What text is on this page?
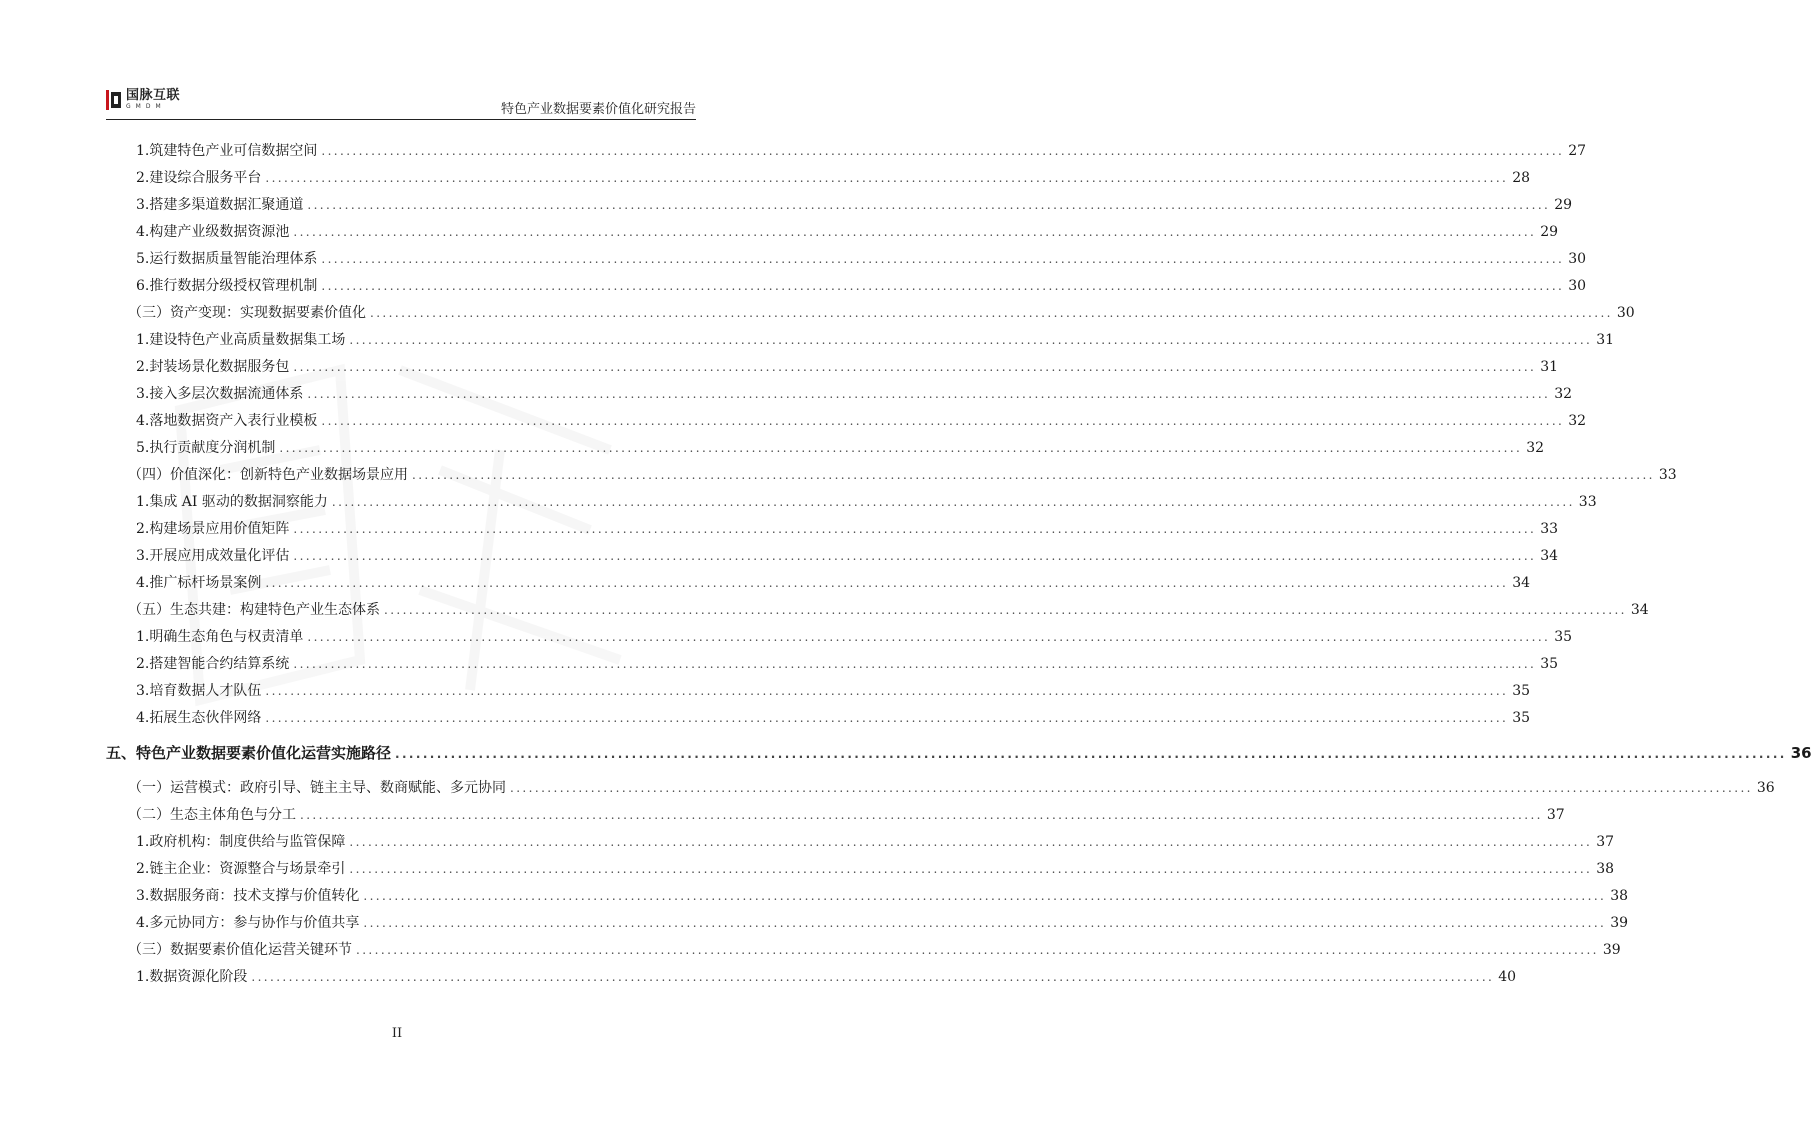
国脉互联
GMDM	特色产业数据要素价值化研究报告
1.筑建特色产业可信数据空间 ........................................................................................................................................................................................................ 27
2.建设综合服务平台 ........................................................................................................................................................................................................ 28
3.搭建多渠道数据汇聚通道 ........................................................................................................................................................................................................ 29
4.构建产业级数据资源池 ........................................................................................................................................................................................................ 29
5.运行数据质量智能治理体系 ........................................................................................................................................................................................................ 30
6.推行数据分级授权管理机制 ........................................................................................................................................................................................................ 30
（三）资产变现：实现数据要素价值化 ........................................................................................................................................................................................................ 30
1.建设特色产业高质量数据集工场 ........................................................................................................................................................................................................ 31
2.封装场景化数据服务包 ........................................................................................................................................................................................................ 31
3.接入多层次数据流通体系 ........................................................................................................................................................................................................ 32
4.落地数据资产入表行业模板 ........................................................................................................................................................................................................ 32
5.执行贡献度分润机制 ........................................................................................................................................................................................................ 32
（四）价值深化：创新特色产业数据场景应用 ........................................................................................................................................................................................................ 33
1.集成 AI 驱动的数据洞察能力 ........................................................................................................................................................................................................ 33
2.构建场景应用价值矩阵 ........................................................................................................................................................................................................ 33
3.开展应用成效量化评估 ........................................................................................................................................................................................................ 34
4.推广标杆场景案例 ........................................................................................................................................................................................................ 34
（五）生态共建：构建特色产业生态体系 ........................................................................................................................................................................................................ 34
1.明确生态角色与权责清单 ........................................................................................................................................................................................................ 35
2.搭建智能合约结算系统 ........................................................................................................................................................................................................ 35
3.培育数据人才队伍 ........................................................................................................................................................................................................ 35
4.拓展生态伙伴网络 ........................................................................................................................................................................................................ 35
五、特色产业数据要素价值化运营实施路径 ........................................................................................................................................................................................................ 36
（一）运营模式：政府引导、链主主导、数商赋能、多元协同 ........................................................................................................................................................................................................ 36
（二）生态主体角色与分工 ........................................................................................................................................................................................................ 37
1.政府机构：制度供给与监管保障 ........................................................................................................................................................................................................ 37
2.链主企业：资源整合与场景牵引 ........................................................................................................................................................................................................ 38
3.数据服务商：技术支撑与价值转化 ........................................................................................................................................................................................................ 38
4.多元协同方：参与协作与价值共享 ........................................................................................................................................................................................................ 39
（三）数据要素价值化运营关键环节 ........................................................................................................................................................................................................ 39
1.数据资源化阶段 ........................................................................................................................................................................................................ 40
II
